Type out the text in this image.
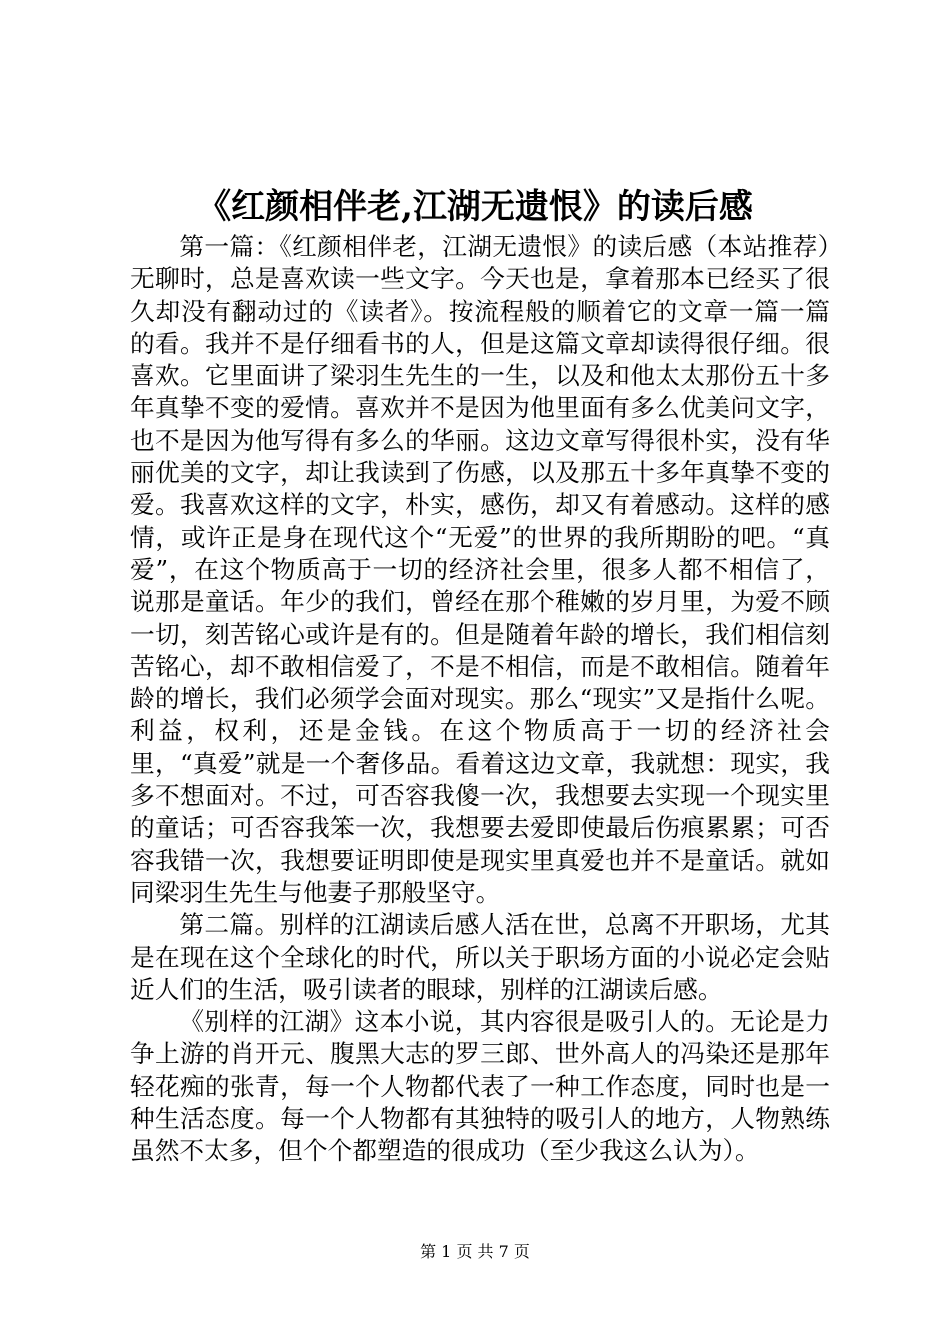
《红颜相伴老,江湖无遗恨》的读后感

第一篇：《红颜相伴老，江湖无遗恨》的读后感（本站推荐）无聊时，总是喜欢读一些文字。今天也是，拿着那本已经买了很久却没有翻动过的《读者》。按流程般的顺着它的文章一篇一篇的看。我并不是仔细看书的人，但是这篇文章却读得很仔细。很喜欢。它里面讲了梁羽生先生的一生，以及和他太太那份五十多年真挚不变的爱情。喜欢并不是因为他里面有多么优美问文字，也不是因为他写得有多么的华丽。这边文章写得很朴实，没有华丽优美的文字，却让我读到了伤感，以及那五十多年真挚不变的爱。我喜欢这样的文字，朴实，感伤，却又有着感动。这样的感情，或许正是身在现代这个“无爱”的世界的我所期盼的吧。“真爱”，在这个物质高于一切的经济社会里，很多人都不相信了，说那是童话。年少的我们，曾经在那个稚嫩的岁月里，为爱不顾一切，刻苦铭心或许是有的。但是随着年龄的增长，我们相信刻苦铭心，却不敢相信爱了，不是不相信，而是不敢相信。随着年龄的增长，我们必须学会面对现实。那么“现实”又是指什么呢。利益，权利，还是金钱。在这个物质高于一切的经济社会里，“真爱”就是一个奢侈品。看着这边文章，我就想：现实，我多不想面对。不过，可否容我傻一次，我想要去实现一个现实里的童话；可否容我笨一次，我想要去爱即使最后伤痕累累；可否容我错一次，我想要证明即使是现实里真爱也并不是童话。就如同梁羽生先生与他妻子那般坚守。

第二篇。别样的江湖读后感人活在世，总离不开职场，尤其是在现在这个全球化的时代，所以关于职场方面的小说必定会贴近人们的生活，吸引读者的眼球，别样的江湖读后感。

《别样的江湖》这本小说，其内容很是吸引人的。无论是力争上游的肖开元、腹黑大志的罗三郎、世外高人的冯染还是那年轻花痴的张青，每一个人物都代表了一种工作态度，同时也是一种生活态度。每一个人物都有其独特的吸引人的地方，人物熟练虽然不太多，但个个都塑造的很成功（至少我这么认为）。

第 1 页 共 7 页
